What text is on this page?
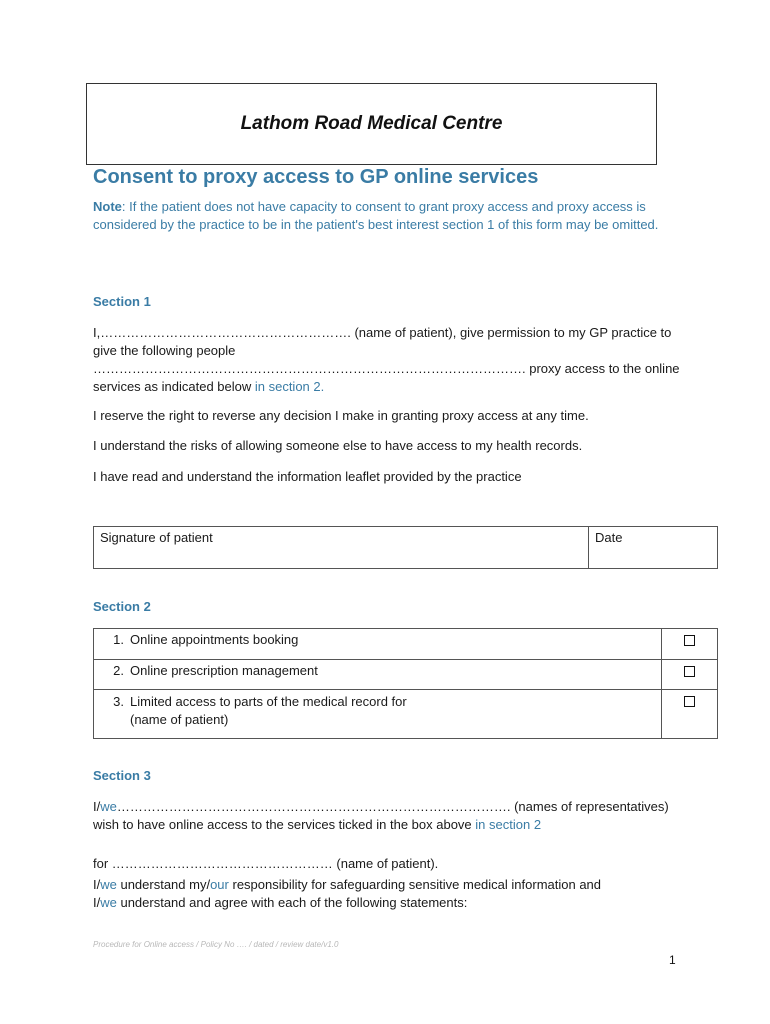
Lathom Road Medical Centre
Consent to proxy access to GP online services
Note: If the patient does not have capacity to consent to grant proxy access and proxy access is considered by the practice to be in the patient's best interest section 1 of this form may be omitted.
Section 1
I,…………………………………………………. (name of patient), give permission to my GP practice to give the following people
………………………………………………………………………………………. proxy access to the online services as indicated below in section 2.
I reserve the right to reverse any decision I make in granting proxy access at any time.
I understand the risks of allowing someone else to have access to my health records.
I have read and understand the information leaflet provided by the practice
Signature of patient	Date
Section 2
1. Online appointments booking	
2. Online prescription management	
3. Limited access to parts of the medical record for
(name of patient)	
Section 3
I/we………………………………………………………………………………. (names of representatives) wish to have online access to the services ticked in the box above in section 2
for …………………………………………… (name of patient).
I/we understand my/our responsibility for safeguarding sensitive medical information and
I/we understand and agree with each of the following statements:
Procedure for Online access / Policy No …. / dated / review date/v1.0
1
